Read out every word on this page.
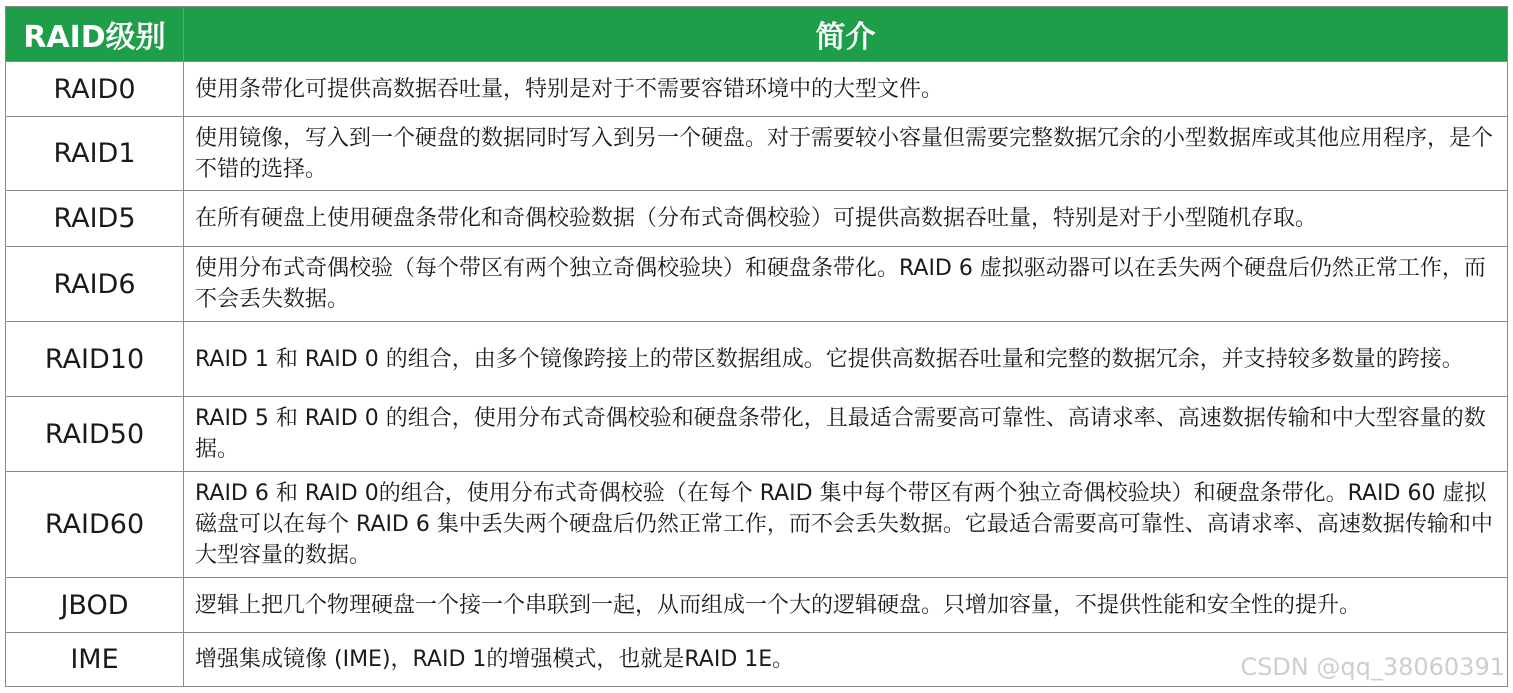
RAID级别	简介
RAID0	使用条带化可提供高数据吞吐量，特别是对于不需要容错环境中的大型文件。
RAID1	使用镜像，写入到一个硬盘的数据同时写入到另一个硬盘。对于需要较小容量但需要完整数据冗余的小型数据库或其他应用程序，是个不错的选择。
RAID5	在所有硬盘上使用硬盘条带化和奇偶校验数据（分布式奇偶校验）可提供高数据吞吐量，特别是对于小型随机存取。
RAID6	使用分布式奇偶校验（每个带区有两个独立奇偶校验块）和硬盘条带化。RAID 6 虚拟驱动器可以在丢失两个硬盘后仍然正常工作，而不会丢失数据。
RAID10	RAID 1 和 RAID 0 的组合，由多个镜像跨接上的带区数据组成。它提供高数据吞吐量和完整的数据冗余，并支持较多数量的跨接。
RAID50	RAID 5 和 RAID 0 的组合，使用分布式奇偶校验和硬盘条带化，且最适合需要高可靠性、高请求率、高速数据传输和中大型容量的数据。
RAID60	RAID 6 和 RAID 0的组合，使用分布式奇偶校验（在每个 RAID 集中每个带区有两个独立奇偶校验块）和硬盘条带化。RAID 60 虚拟磁盘可以在每个 RAID 6 集中丢失两个硬盘后仍然正常工作，而不会丢失数据。它最适合需要高可靠性、高请求率、高速数据传输和中大型容量的数据。
JBOD	逻辑上把几个物理硬盘一个接一个串联到一起，从而组成一个大的逻辑硬盘。只增加容量，不提供性能和安全性的提升。
IME	增强集成镜像 (IME)，RAID 1的增强模式，也就是RAID 1E。	CSDN @qq_38060391
